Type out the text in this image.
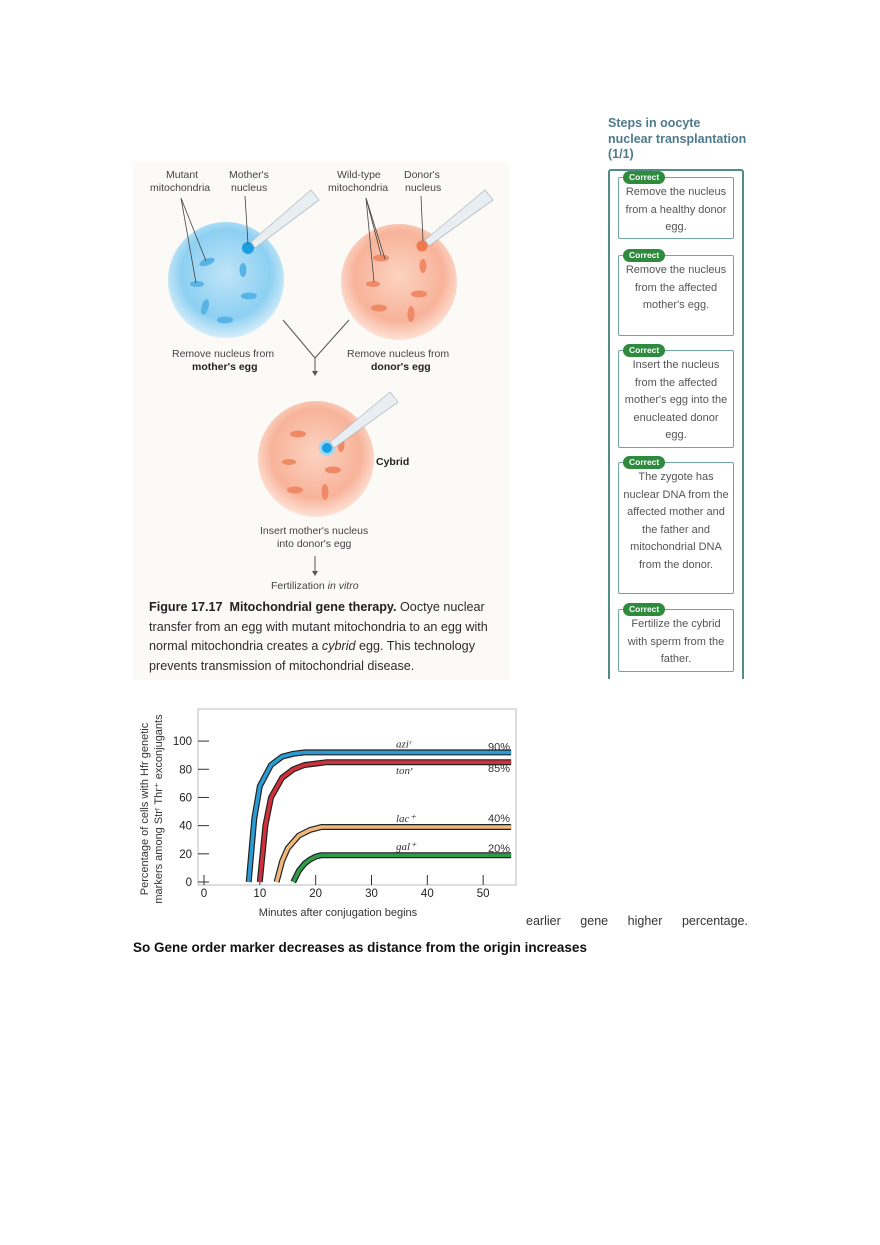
Mutant
mitochondria
Mother's
nucleus
Wild-type
mitochondria
Donor's
nucleus
Remove nucleus from
mother's egg
Remove nucleus from
donor's egg
Cybrid
Insert mother's nucleus
into donor's egg
Fertilization in vitro
Figure 17.17 Mitochondrial gene therapy. Ooctye nuclear transfer from an egg with mutant mitochondria to an egg with normal mitochondria creates a cybrid egg. This technology prevents transmission of mitochondrial disease.
Steps in oocyte nuclear transplantation (1/1)
Correct
Remove the nucleus from a healthy donor egg.
Correct
Remove the nucleus from the affected mother's egg.
Correct
Insert the nucleus from the affected mother's egg into the enucleated donor egg.
Correct
The zygote has nuclear DNA from the affected mother and the father and mitochondrial DNA from the donor.
Correct
Fertilize the cybrid with sperm from the father.
Percentage of cells with Hfr genetic markers among Strʳ Thr⁺ exconjugants
Minutes after conjugation begins
0
20
40
60
80
100
0	10	20	30	40	50
aziʳ	90%
tonʳ	85%
lac⁺	40%
gal⁺	20%
earlier gene higher percentage.
So Gene order marker decreases as distance from the origin increases
